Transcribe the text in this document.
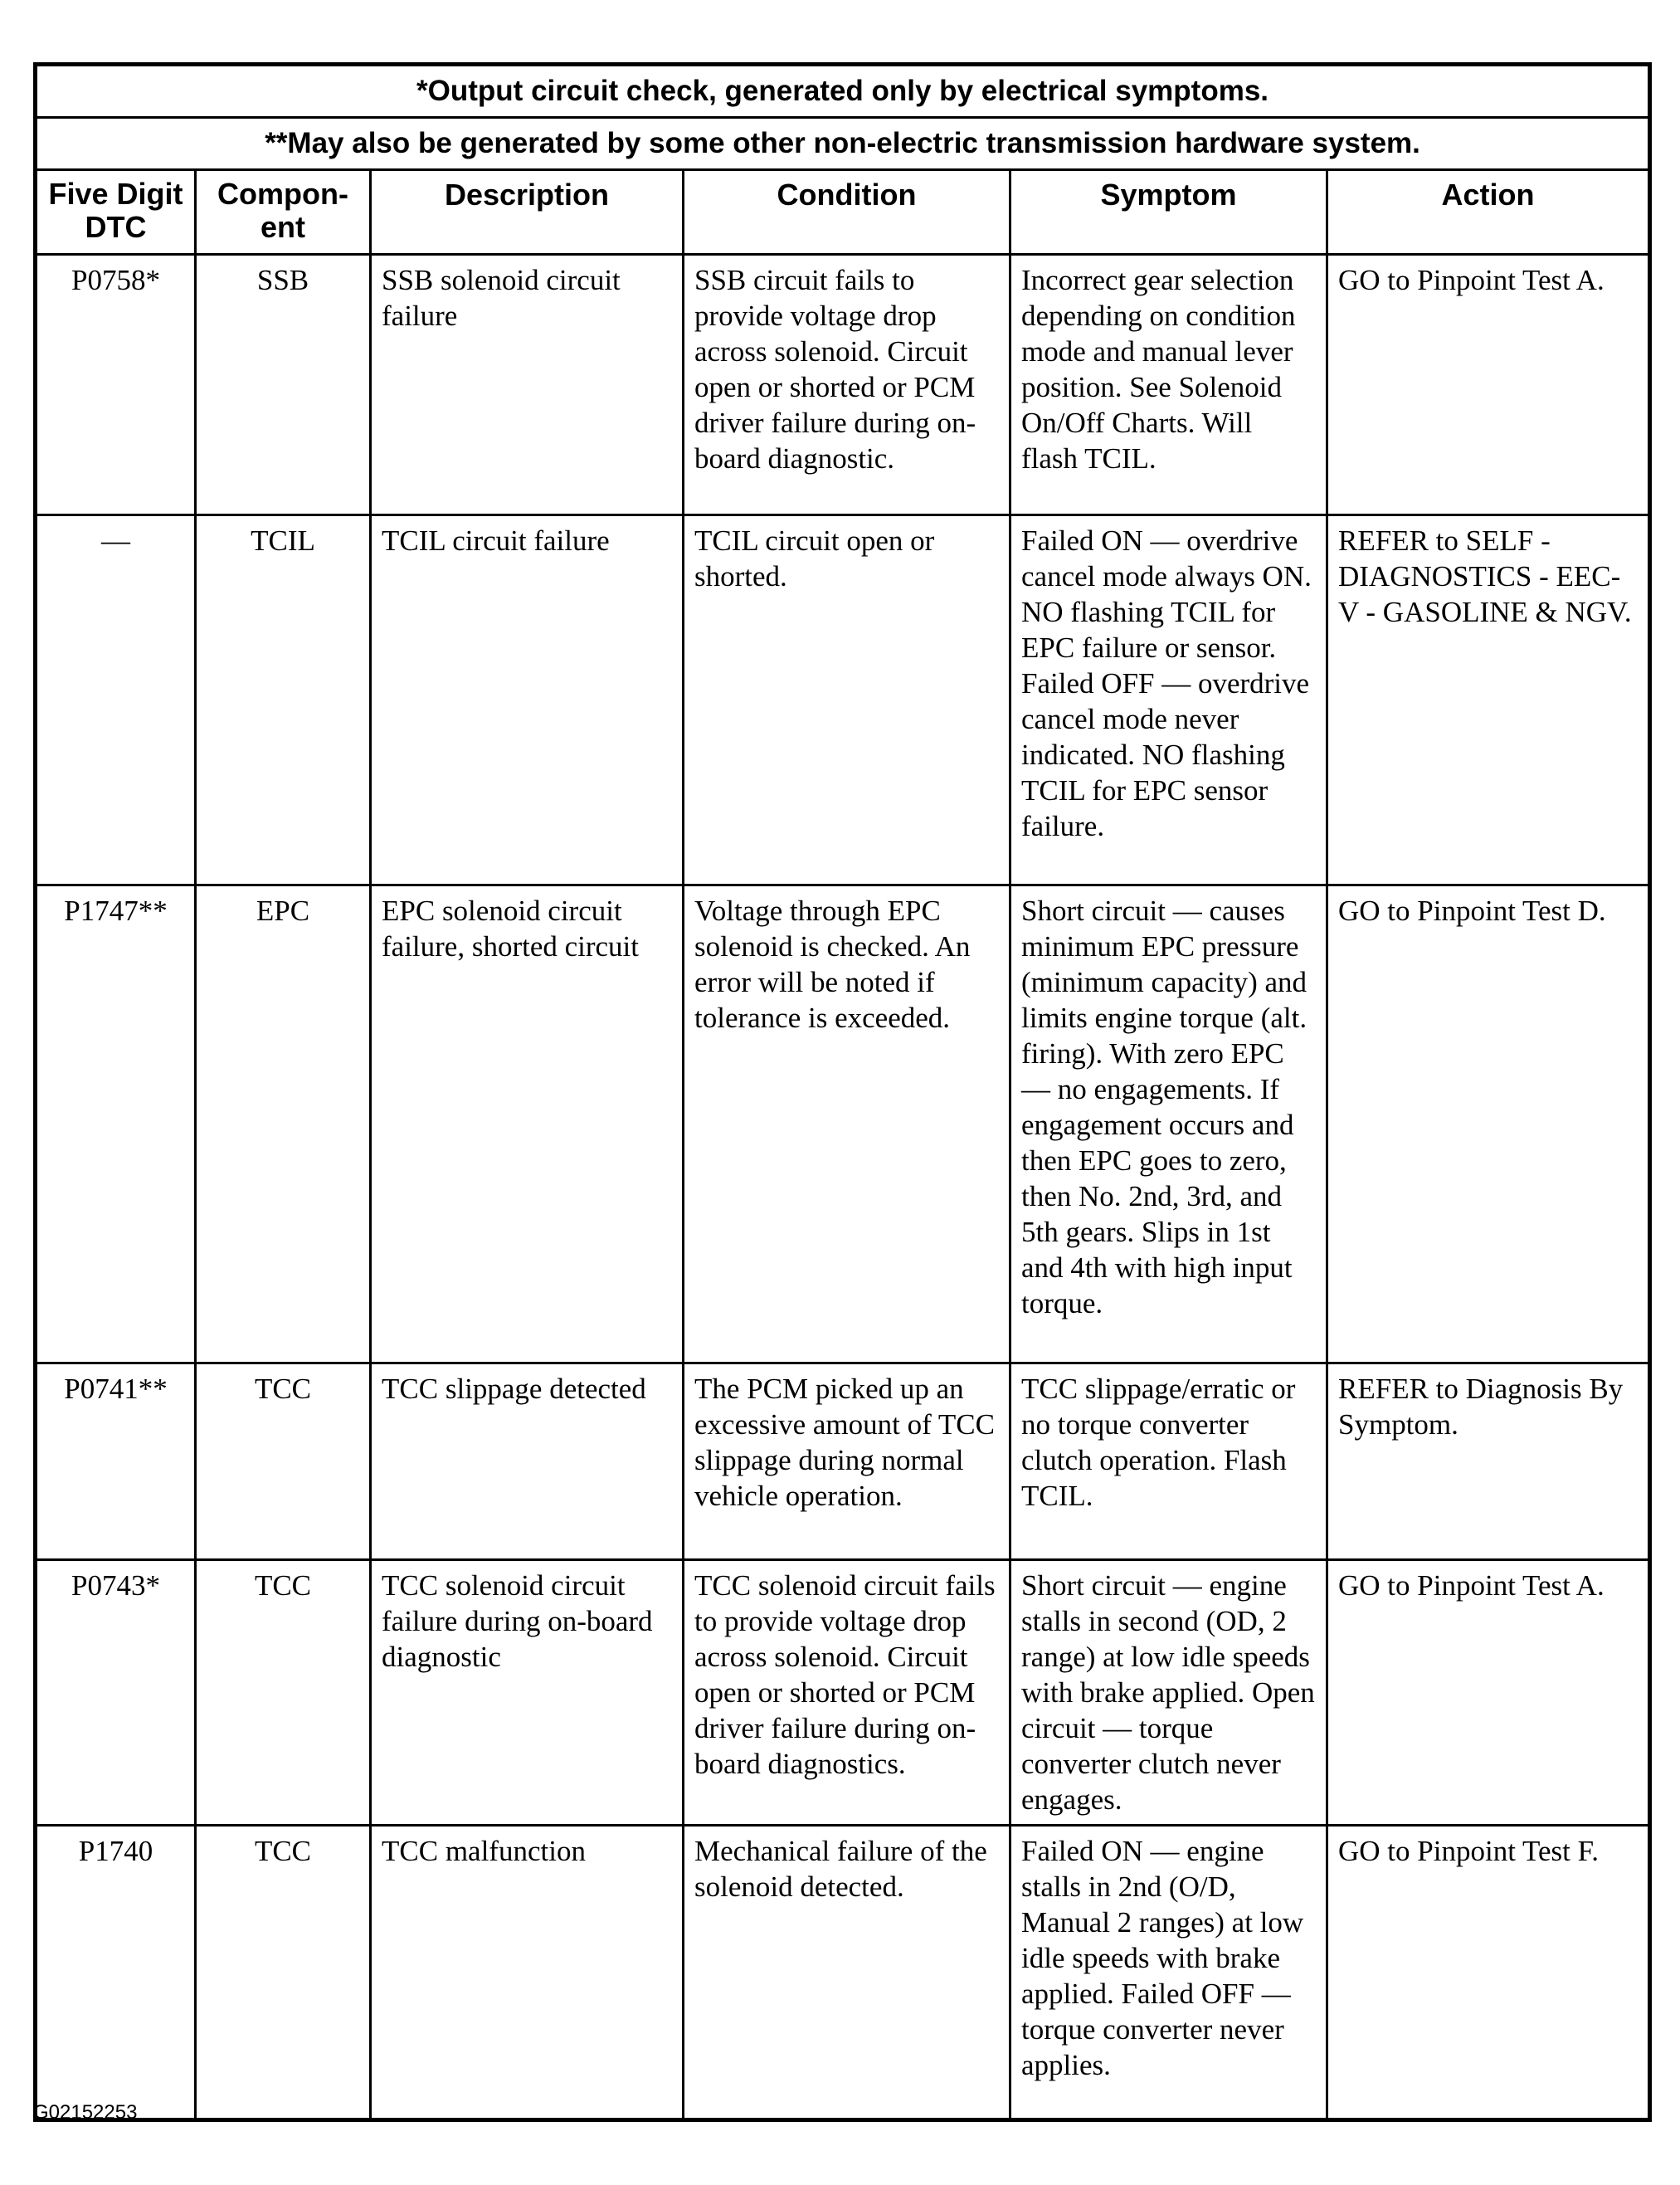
*Output circuit check, generated only by electrical symptoms.					
**May also be generated by some other non-electric transmission hardware system.					
Five Digit DTC	Compon- ent	Description	Condition	Symptom	Action
P0758*	SSB	SSB solenoid circuit failure	SSB circuit fails to provide voltage drop across solenoid. Circuit open or shorted or PCM driver failure during on-board diagnostic.	Incorrect gear selection depending on condition mode and manual lever position. See Solenoid On/Off Charts. Will flash TCIL.	GO to Pinpoint Test A.
—	TCIL	TCIL circuit failure	TCIL circuit open or shorted.	Failed ON — overdrive cancel mode always ON. NO flashing TCIL for EPC failure or sensor. Failed OFF — overdrive cancel mode never indicated. NO flashing TCIL for EPC sensor failure.	REFER to SELF - DIAGNOSTICS - EEC-V - GASOLINE & NGV.
P1747**	EPC	EPC solenoid circuit failure, shorted circuit	Voltage through EPC solenoid is checked. An error will be noted if tolerance is exceeded.	Short circuit — causes minimum EPC pressure (minimum capacity) and limits engine torque (alt. firing). With zero EPC — no engagements. If engagement occurs and then EPC goes to zero, then No. 2nd, 3rd, and 5th gears. Slips in 1st and 4th with high input torque.	GO to Pinpoint Test D.
P0741**	TCC	TCC slippage detected	The PCM picked up an excessive amount of TCC slippage during normal vehicle operation.	TCC slippage/erratic or no torque converter clutch operation. Flash TCIL.	REFER to Diagnosis By Symptom.
P0743*	TCC	TCC solenoid circuit failure during on-board diagnostic	TCC solenoid circuit fails to provide voltage drop across solenoid. Circuit open or shorted or PCM driver failure during on-board diagnostics.	Short circuit — engine stalls in second (OD, 2 range) at low idle speeds with brake applied. Open circuit — torque converter clutch never engages.	GO to Pinpoint Test A.
P1740	TCC	TCC malfunction	Mechanical failure of the solenoid detected.	Failed ON — engine stalls in 2nd (O/D, Manual 2 ranges) at low idle speeds with brake applied. Failed OFF — torque converter never applies.	GO to Pinpoint Test F.
G02152253
